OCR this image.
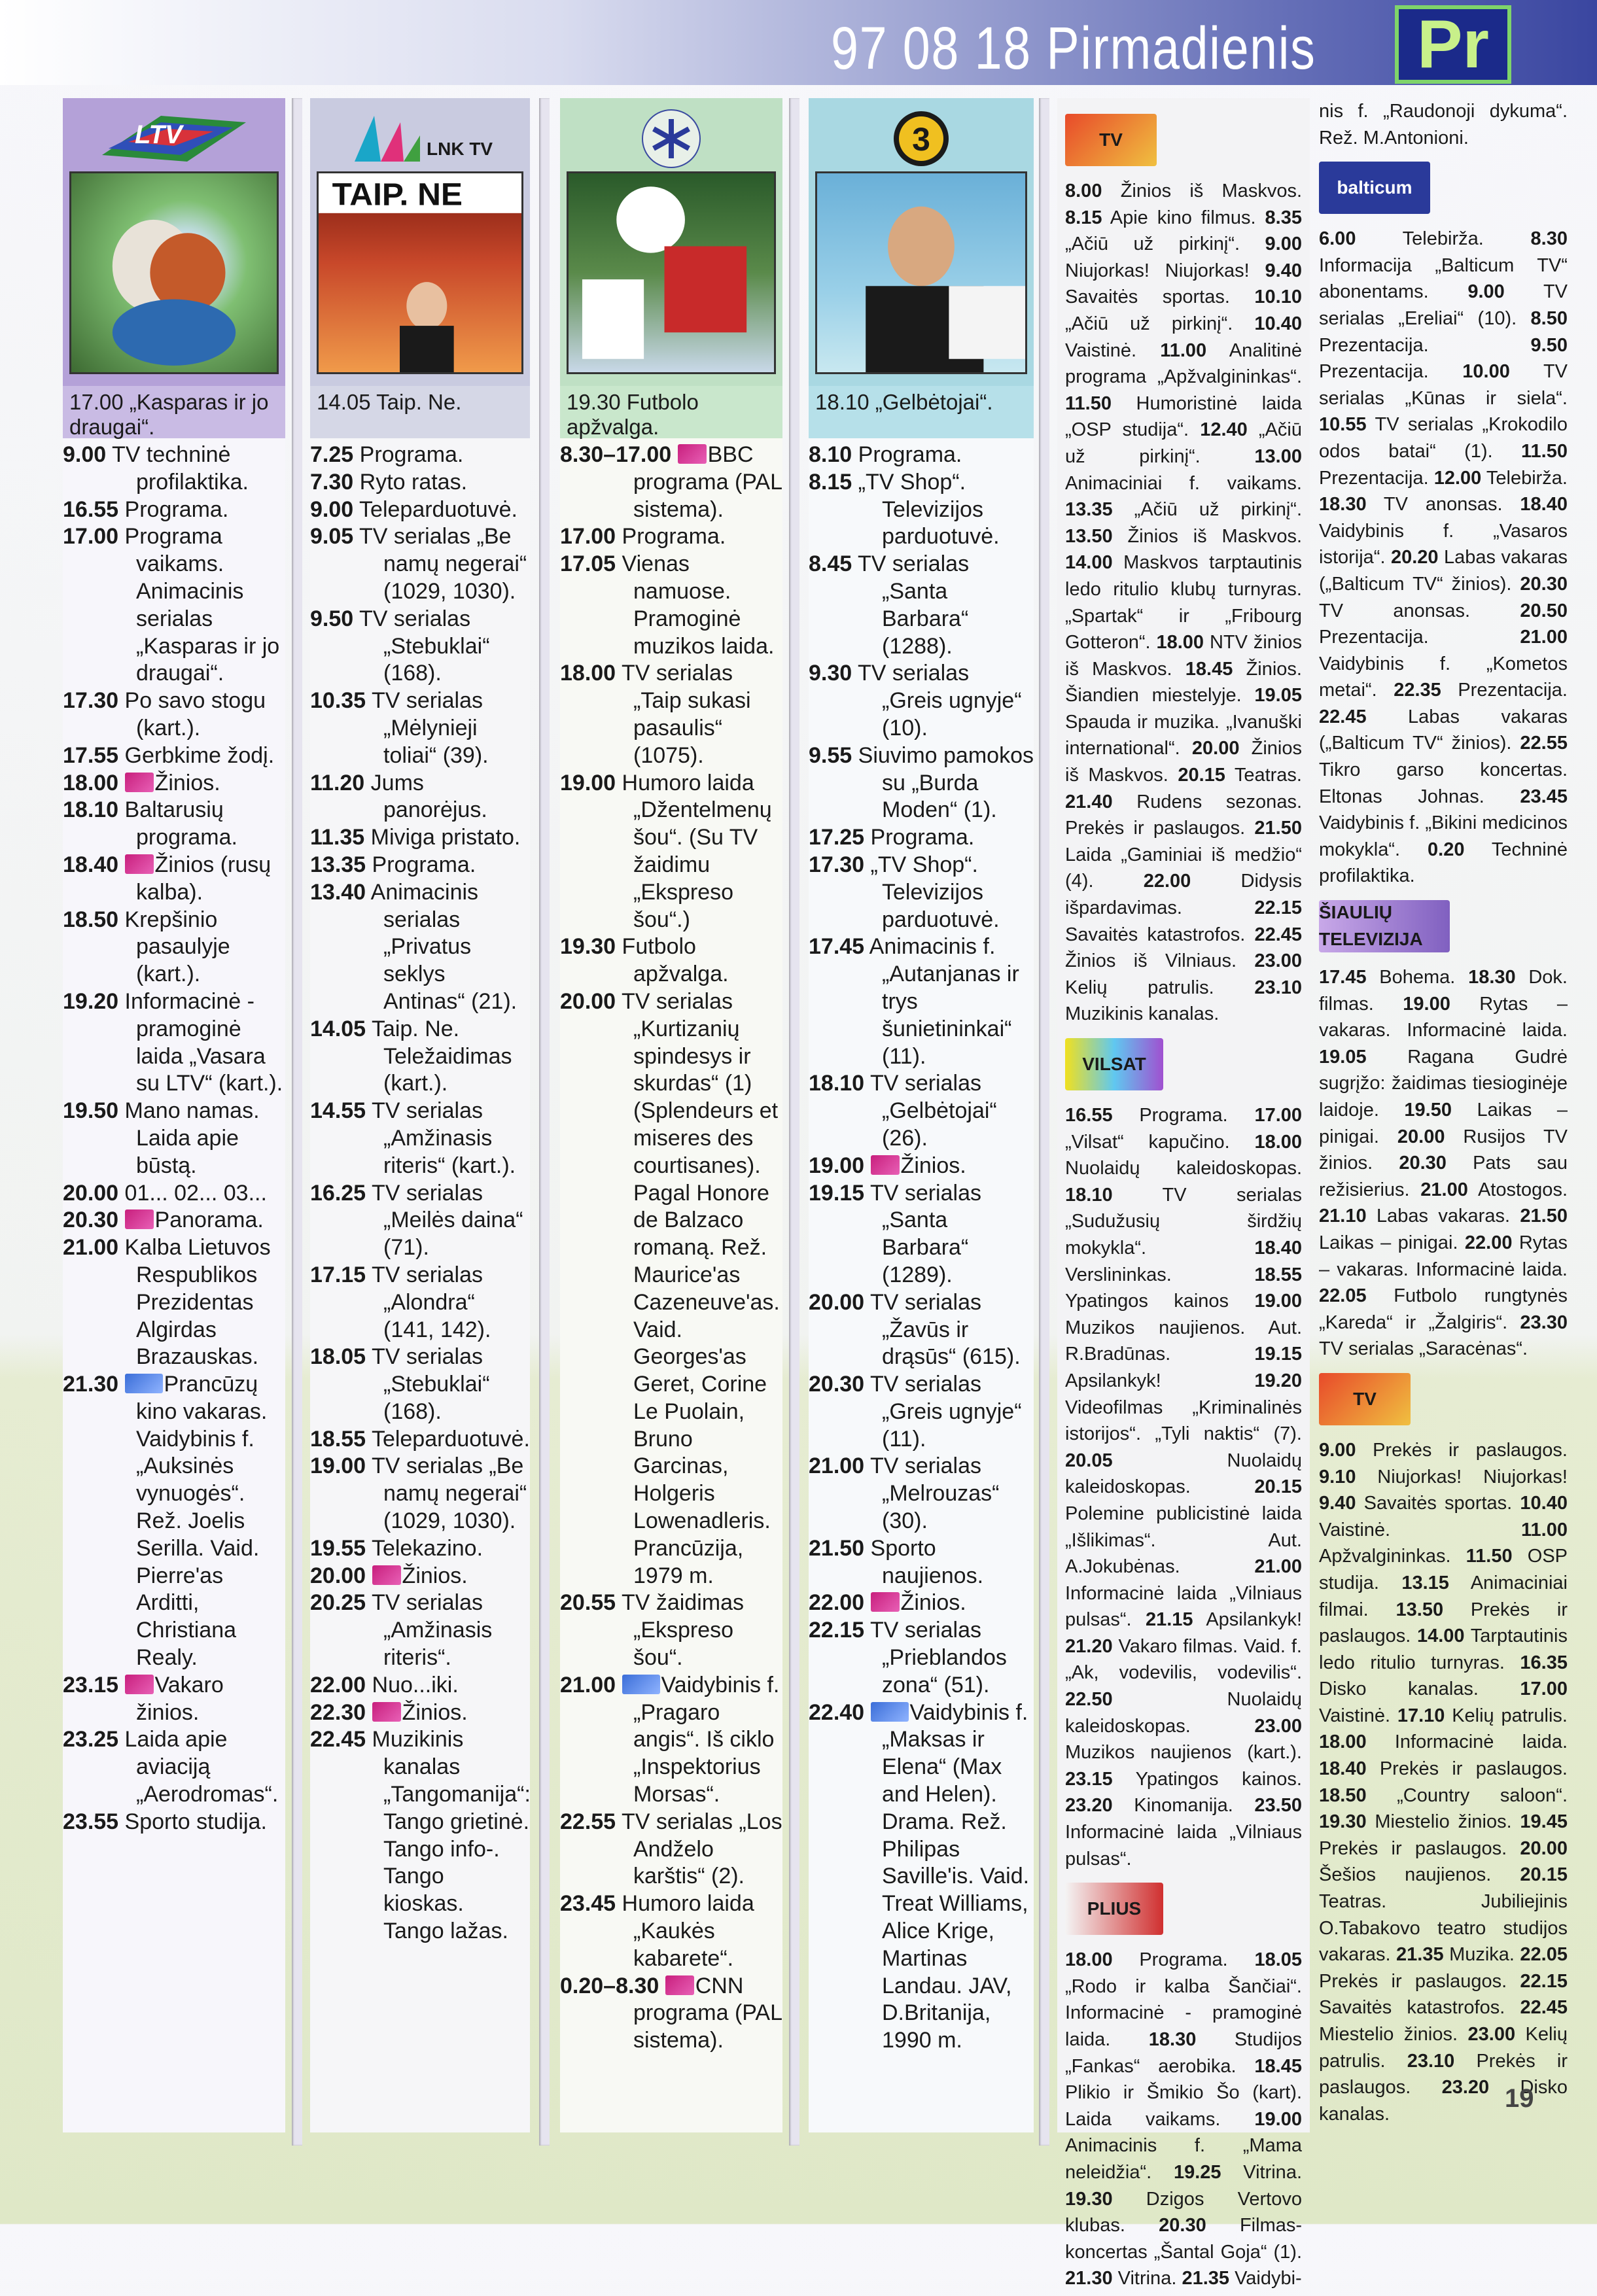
97 08 18 Pirmadienis	Pr
LTV
17.00 „Kasparas ir jo draugai“.
9.00 TV techninė profilaktika.
16.55 Programa.
17.00 Programa vaikams. Animacinis serialas „Kasparas ir jo draugai“.
17.30 Po savo stogu (kart.).
17.55 Gerbkime žodį.
18.00 Žinios.
18.10 Baltarusių programa.
18.40 Žinios (rusų kalba).
18.50 Krepšinio pasaulyje (kart.).
19.20 Informacinė - pramoginė laida „Vasara su LTV“ (kart.).
19.50 Mano namas. Laida apie būstą.
20.00 01... 02... 03...
20.30 Panorama.
21.00 Kalba Lietuvos Respublikos Prezidentas Algirdas Brazauskas.
21.30 Prancūzų kino vakaras. Vaidybinis f. „Auksinės vynuogės“. Rež. Joelis Serilla. Vaid. Pierre'as Arditti, Christiana Realy.
23.15 Vakaro žinios.
23.25 Laida apie aviaciją „Aerodromas“.
23.55 Sporto studija.
LNK TV
TAIP. NE
14.05 Taip. Ne.
7.25 Programa.
7.30 Ryto ratas.
9.00 Teleparduotuvė.
9.05 TV serialas „Be namų negerai“ (1029, 1030).
9.50 TV serialas „Stebuklai“ (168).
10.35 TV serialas „Mėlynieji toliai“ (39).
11.20 Jums panorėjus.
11.35 Miviga pristato.
13.35 Programa.
13.40 Animacinis serialas „Privatus seklys Antinas“ (21).
14.05 Taip. Ne. Teležaidimas (kart.).
14.55 TV serialas „Amžinasis riteris“ (kart.).
16.25 TV serialas „Meilės daina“ (71).
17.15 TV serialas „Alondra“ (141, 142).
18.05 TV serialas „Stebuklai“ (168).
18.55 Teleparduotuvė.
19.00 TV serialas „Be namų negerai“ (1029, 1030).
19.55 Telekazino.
20.00 Žinios.
20.25 TV serialas „Amžinasis riteris“.
22.00 Nuo...iki.
22.30 Žinios.
22.45 Muzikinis kanalas „Tangomanija“: Tango grietinė. Tango info-. Tango kioskas. Tango lažas.
19.30 Futbolo apžvalga.
8.30–17.00 BBC programa (PAL sistema).
17.00 Programa.
17.05 Vienas namuose. Pramoginė muzikos laida.
18.00 TV serialas „Taip sukasi pasaulis“ (1075).
19.00 Humoro laida „Džentelmenų šou“. (Su TV žaidimu „Ekspreso šou“.)
19.30 Futbolo apžvalga.
20.00 TV serialas „Kurtizanių spindesys ir skurdas“ (1) (Splendeurs et miseres des courtisanes). Pagal Honore de Balzaco romaną. Rež. Maurice'as Cazeneuve'as. Vaid. Georges'as Geret, Corine Le Puolain, Bruno Garcinas, Holgeris Lowenadleris. Prancūzija, 1979 m.
20.55 TV žaidimas „Ekspreso šou“.
21.00 Vaidybinis f. „Pragaro angis“. Iš ciklo „Inspektorius Morsas“.
22.55 TV serialas „Los Andželo karštis“ (2).
23.45 Humoro laida „Kaukės kabarete“.
0.20–8.30 CNN programa (PAL sistema).
3
18.10 „Gelbėtojai“.
8.10 Programa.
8.15 „TV Shop“. Televizijos parduotuvė.
8.45 TV serialas „Santa Barbara“ (1288).
9.30 TV serialas „Greis ugnyje“ (10).
9.55 Siuvimo pamokos su „Burda Moden“ (1).
17.25 Programa.
17.30 „TV Shop“. Televizijos parduotuvė.
17.45 Animacinis f. „Autanjanas ir trys šunietininkai“ (11).
18.10 TV serialas „Gelbėtojai“ (26).
19.00 Žinios.
19.15 TV serialas „Santa Barbara“ (1289).
20.00 TV serialas „Žavūs ir drąsūs“ (615).
20.30 TV serialas „Greis ugnyje“ (11).
21.00 TV serialas „Melrouzas“ (30).
21.50 Sporto naujienos.
22.00 Žinios.
22.15 TV serialas „Prieblandos zona“ (51).
22.40 Vaidybinis f. „Maksas ir Elena“ (Max and Helen). Drama. Rež. Philipas Saville'is. Vaid. Treat Williams, Alice Krige, Martinas Landau. JAV, D.Britanija, 1990 m.
TV

8.00 Žinios iš Maskvos. 8.15 Apie kino filmus. 8.35 „Ačiū už pirkinį“. 9.00 Niujorkas! Niujorkas! 9.40 Savaitės sportas. 10.10 „Ačiū už pirkinį“. 10.40 Vaistinė. 11.00 Analitinė programa „Apžvalgininkas“. 11.50 Humoristinė laida „OSP studija“. 12.40 „Ačiū už pirkinį“.	13.00 Animaciniai f. vaikams. 13.35 „Ačiū už pirkinį“. 13.50 Žinios iš Maskvos. 14.00 Maskvos tarptautinis ledo ritulio klubų turnyras. „Spartak“ ir „Fribourg Gotteron“. 18.00 NTV žinios iš Maskvos. 18.45 Žinios. Šiandien miestelyje. 19.05 Spauda ir muzika. „Ivanuški international“. 20.00 Žinios iš Maskvos. 20.15 Teatras. 21.40 Rudens sezonas. Prekės ir paslaugos. 21.50 Laida „Gaminiai iš medžio“ (4).	22.00	Didysis išpardavimas.	22.15 Savaitės katastrofos. 22.45 Žinios iš Vilniaus. 23.00 Kelių patrulis. 23.10 Muzikinis kanalas.

VILSAT

16.55 Programa. 17.00 „Vilsat“ kapučino. 18.00 Nuolaidų kaleidoskopas. 18.10	TV serialas „Sudužusių širdžių mokykla“.	18.40 Verslininkas.	18.55 Ypatingos kainos 19.00 Muzikos naujienos. Aut. R.Bradūnas.	19.15 Apsilankyk!	19.20 Videofilmas „Kriminalinės istorijos“. „Tyli naktis“ (7). 20.05	Nuolaidų kaleidoskopas.	20.15 Polemine publicistinė laida „Išlikimas“. Aut. A.Jokubėnas.	21.00 Informacinė laida „Vilniaus pulsas“. 21.15 Apsilankyk! 21.20 Vakaro filmas. Vaid. f. „Ak, vodevilis, vodevilis“. 22.50	Nuolaidų kaleidoskopas.	23.00 Muzikos naujienos (kart.). 23.15 Ypatingos kainos. 23.20 Kinomanija. 23.50 Informacinė laida „Vilniaus pulsas“.

PLIUS

18.00 Programa. 18.05 „Rodo ir kalba Šančiai“. Informacinė - pramoginė laida. 18.30 Studijos „Fankas“ aerobika. 18.45 Plikio ir Šmikio Šo (kart). Laida vaikams. 19.00 Animacinis f. „Mama neleidžia“. 19.25 Vitrina. 19.30 Dzigos Vertovo klubas. 20.30 Filmas-koncertas „Šantal Goja“ (1). 21.30 Vitrina. 21.35 Vaidybi-

nis f. „Raudonoji dykuma“. Rež. M.Antonioni.

balticum

6.00 Telebirža. 8.30 Informacija „Balticum TV“ abonentams. 9.00 TV serialas „Ereliai“ (10). 8.50 Prezentacija.	9.50 Prezentacija. 10.00 TV serialas „Kūnas ir siela“. 10.55 TV serialas „Krokodilo odos batai“ (1). 11.50 Prezentacija. 12.00 Telebirža. 18.30 TV anonsas. 18.40 Vaidybinis f. „Vasaros istorija“. 20.20 Labas vakaras („Balticum TV“ žinios). 20.30 TV anonsas.	20.50 Prezentacija.	21.00 Vaidybinis f. „Kometos metai“. 22.35 Prezentacija. 22.45 Labas vakaras („Balticum TV“ žinios). 22.55 Tikro garso koncertas. Eltonas Johnas. 23.45 Vaidybinis f. „Bikini medicinos mokykla“. 0.20 Techninė profilaktika.

ŠIAULIŲ TELEVIZIJA

17.45 Bohema. 18.30 Dok. filmas. 19.00 Rytas – vakaras. Informacinė laida. 19.05 Ragana Gudrė sugrįžo: žaidimas tiesioginėje laidoje. 19.50 Laikas – pinigai. 20.00 Rusijos TV žinios. 20.30 Pats sau režisierius. 21.00 Atostogos. 21.10 Labas vakaras. 21.50 Laikas – pinigai. 22.00 Rytas – vakaras. Informacinė laida. 22.05 Futbolo rungtynės „Kareda“ ir „Žalgiris“. 23.30 TV serialas „Saracėnas“.

TV

9.00 Prekės ir paslaugos. 9.10 Niujorkas! Niujorkas! 9.40 Savaitės sportas. 10.40 Vaistinė.	11.00 Apžvalgininkas. 11.50 OSP studija. 13.15 Animaciniai filmai. 13.50 Prekės ir paslaugos. 14.00 Tarptautinis ledo ritulio turnyras. 16.35 Disko kanalas. 17.00 Vaistinė. 17.10 Kelių patrulis. 18.00 Informacinė laida. 18.40 Prekės ir paslaugos. 18.50 „Country saloon“. 19.30 Miestelio žinios. 19.45 Prekės ir paslaugos. 20.00 Šešios naujienos. 20.15 Teatras. Jubiliejinis O.Tabakovo teatro studijos vakaras. 21.35 Muzika. 22.05 Prekės ir paslaugos. 22.15 Savaitės katastrofos. 22.45 Miestelio žinios. 23.00 Kelių patrulis. 23.10 Prekės ir paslaugos. 23.20 Disko kanalas.

19
